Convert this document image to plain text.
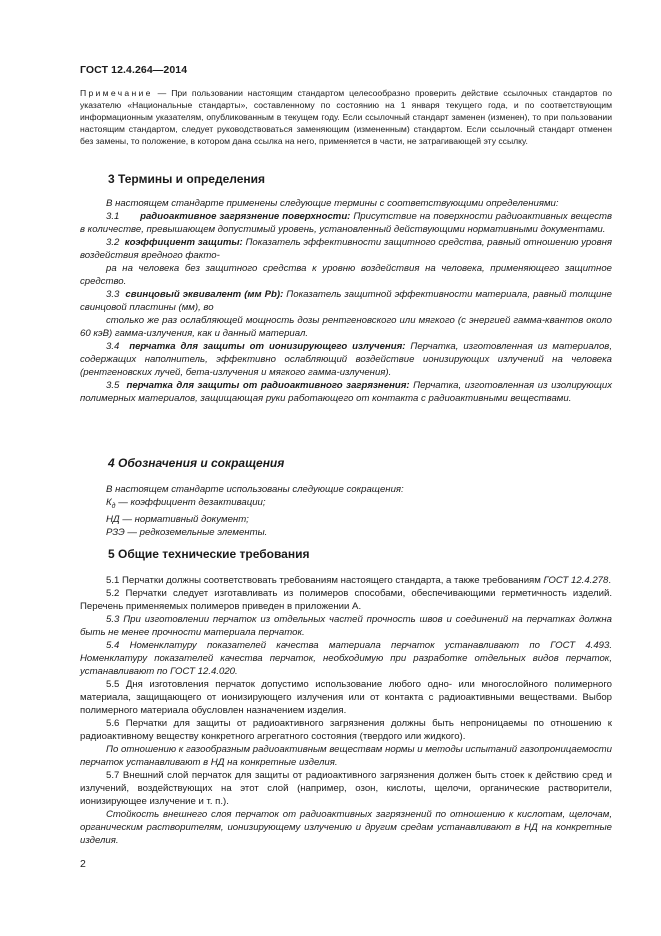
ГОСТ 12.4.264—2014
Примечание — При пользовании настоящим стандартом целесообразно проверить действие ссылочных стандартов по указателю «Национальные стандарты», составленному по состоянию на 1 января текущего года, и по соответствующим информационным указателям, опубликованным в текущем году. Если ссылочный стандарт заменен (изменен), то при пользовании настоящим стандартом, следует руководствоваться заменяющим (измененным) стандартом. Если ссылочный стандарт отменен без замены, то положение, в котором дана ссылка на него, применяется в части, не затрагивающей эту ссылку.
3 Термины и определения

В настоящем стандарте применены следующие термины с соответствующими определениями:

3.1 радиоактивное загрязнение поверхности: Присутствие на поверхности радиоактивных веществ в количестве, превышающем допустимый уровень, установленный действующими нормативными документами.

3.2 коэффициент защиты: Показатель эффективности защитного средства, равный отношению уровня воздействия вредного факто-

ра на человека без защитного средства к уровню воздействия на человека, применяющего защитное средство.

3.3 свинцовый эквивалент (мм Pb): Показатель защитной эффективности материала, равный толщине свинцовой пластины (мм), во

столько же раз ослабляющей мощность дозы рентгеновского или мягкого (с энергией гамма-квантов около 60 кэВ) гамма-излучения, как и данный материал.

3.4 перчатка для защиты от ионизирующего излучения: Перчатка, изготовленная из материалов, содержащих наполнитель, эффективно ослабляющий воздействие ионизирующих излучений на человека (рентгеновских лучей, бета-излучения и мягкого гамма-излучения).

3.5 перчатка для защиты от радиоактивного загрязнения: Перчатка, изготовленная из изолирующих полимерных материалов, защищающая руки работающего от контакта с радиоактивными веществами.

4 Обозначения и сокращения

В настоящем стандарте использованы следующие сокращения:

$К_д$ — коэффициент дезактивации;

НД — нормативный документ;

РЗЭ — редкоземельные элементы.

5 Общие технические требования

5.1 Перчатки должны соответствовать требованиям настоящего стандарта, а также требованиям ГОСТ 12.4.278.

5.2 Перчатки следует изготавливать из полимеров способами, обеспечивающими герметичность изделий. Перечень применяемых полимеров приведен в приложении А.

5.3 При изготовлении перчаток из отдельных частей прочность швов и соединений на перчатках должна быть не менее прочности материала перчаток.

5.4 Номенклатуру показателей качества материала перчаток устанавливают по ГОСТ 4.493. Номенклатуру показателей качества перчаток, необходимую при разработке отдельных видов перчаток, устанавливают по ГОСТ 12.4.020.

5.5 Дня изготовления перчаток допустимо использование любого одно- или многослойного полимерного материала, защищающего от ионизирующего излучения или от контакта с радиоактивными веществами. Выбор полимерного материала обусловлен назначением изделия.

5.6 Перчатки для защиты от радиоактивного загрязнения должны быть непроницаемы по отношению к радиоактивному веществу конкретного агрегатного состояния (твердого или жидкого).

По отношению к газообразным радиоактивным веществам нормы и методы испытаний газопроницаемости перчаток устанавливают в НД на конкретные изделия.

5.7 Внешний слой перчаток для защиты от радиоактивного загрязнения должен быть стоек к действию сред и излучений, воздействующих на этот слой (например, озон, кислоты, щелочи, органические растворители, ионизирующее излучение и т. п.).

Стойкость внешнего слоя перчаток от радиоактивных загрязнений по отношению к кислотам, щелочам, органическим растворителям, ионизирующему излучению и другим средам устанавливают в НД на конкретные изделия.

2
